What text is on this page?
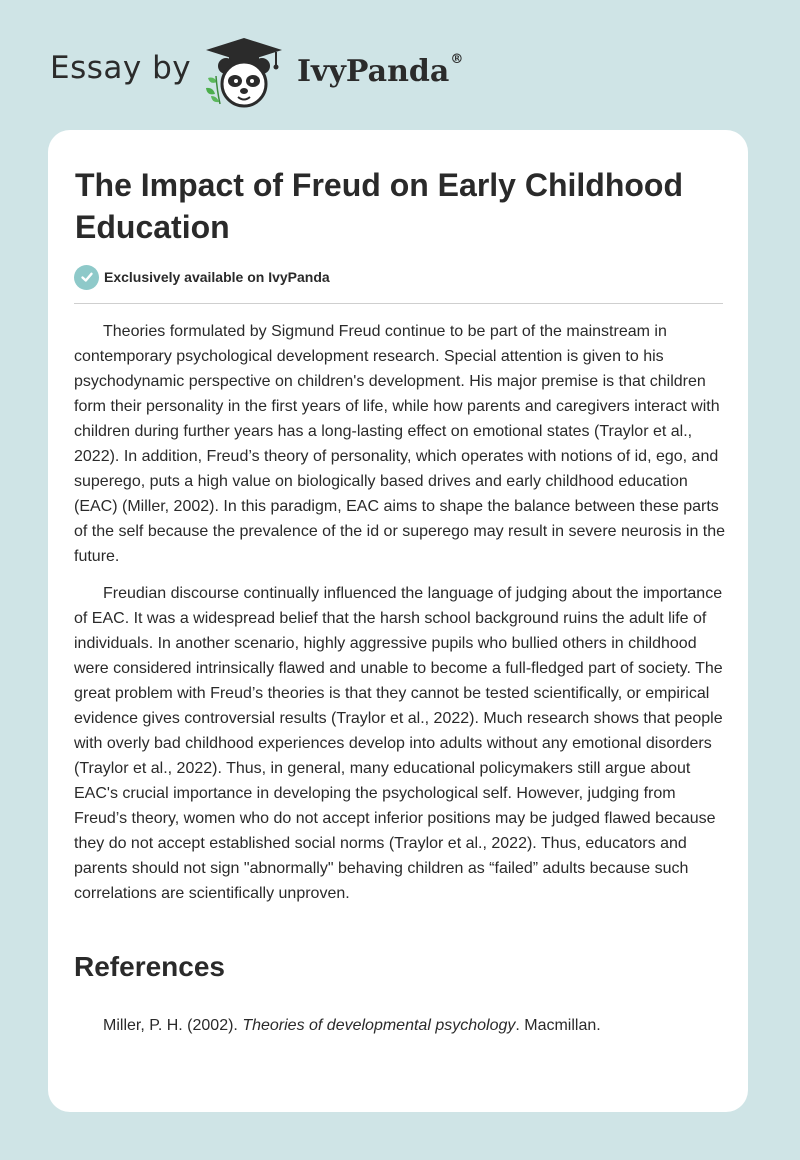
Essay by	IvyPanda®
The Impact of Freud on Early Childhood Education
Exclusively available on IvyPanda

Theories formulated by Sigmund Freud continue to be part of the mainstream in contemporary psychological development research. Special attention is given to his psychodynamic perspective on children's development. His major premise is that children form their personality in the first years of life, while how parents and caregivers interact with children during further years has a long-lasting effect on emotional states (Traylor et al., 2022). In addition, Freud’s theory of personality, which operates with notions of id, ego, and superego, puts a high value on biologically based drives and early childhood education (EAC) (Miller, 2002). In this paradigm, EAC aims to shape the balance between these parts of the self because the prevalence of the id or superego may result in severe neurosis in the future.

Freudian discourse continually influenced the language of judging about the importance of EAC. It was a widespread belief that the harsh school background ruins the adult life of individuals. In another scenario, highly aggressive pupils who bullied others in childhood were considered intrinsically flawed and unable to become a full-fledged part of society. The great problem with Freud’s theories is that they cannot be tested scientifically, or empirical evidence gives controversial results (Traylor et al., 2022). Much research shows that people with overly bad childhood experiences develop into adults without any emotional disorders (Traylor et al., 2022). Thus, in general, many educational policymakers still argue about EAC's crucial importance in developing the psychological self. However, judging from Freud’s theory, women who do not accept inferior positions may be judged flawed because they do not accept established social norms (Traylor et al., 2022). Thus, educators and parents should not sign "abnormally" behaving children as “failed” adults because such correlations are scientifically unproven.

References

Miller, P. H. (2002). Theories of developmental psychology. Macmillan.
